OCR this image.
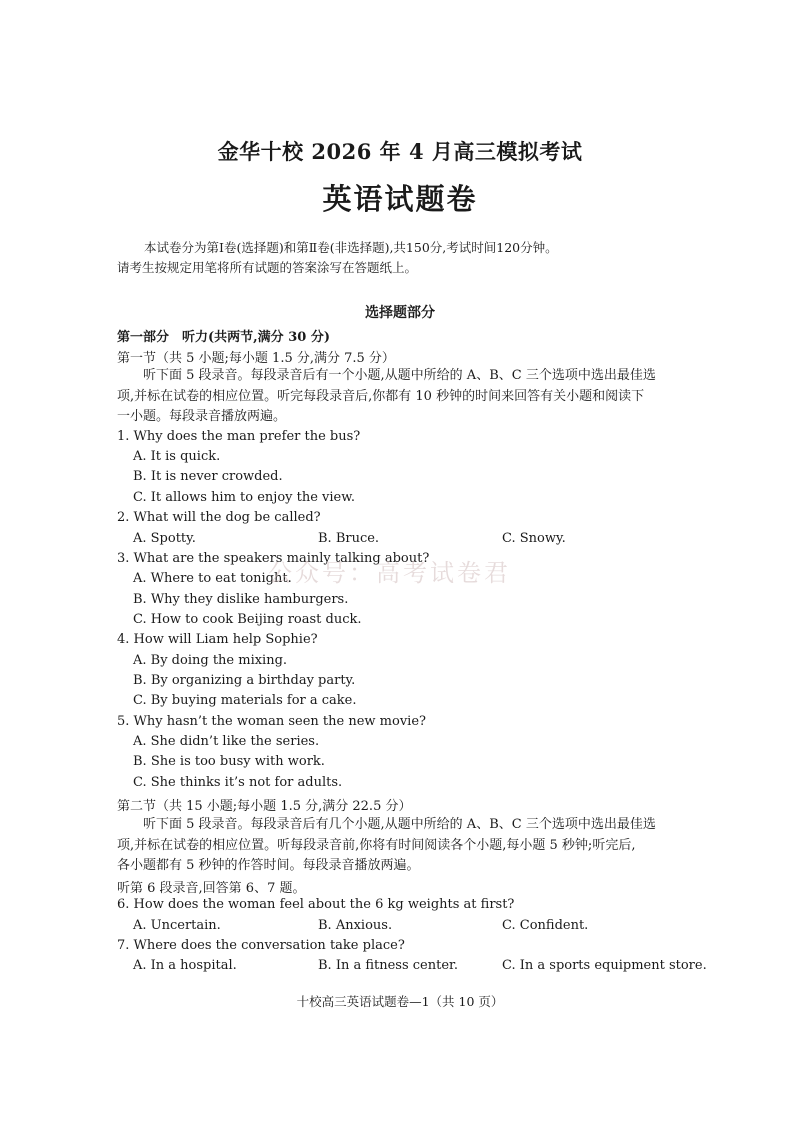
金华十校 2026 年 4 月高三模拟考试
英语试题卷
本试卷分为第Ⅰ卷(选择题)和第Ⅱ卷(非选择题),共150分,考试时间120分钟。
请考生按规定用笔将所有试题的答案涂写在答题纸上。
选择题部分
第一部分　听力(共两节,满分 30 分)
第一节（共 5 小题;每小题 1.5 分,满分 7.5 分）
听下面 5 段录音。每段录音后有一个小题,从题中所给的 A、B、C 三个选项中选出最佳选
项,并标在试卷的相应位置。听完每段录音后,你都有 10 秒钟的时间来回答有关小题和阅读下
一小题。每段录音播放两遍。
1. Why does the man prefer the bus?
A. It is quick.
B. It is never crowded.
C. It allows him to enjoy the view.
2. What will the dog be called?
A. Spotty.	B. Bruce.	C. Snowy.
3. What are the speakers mainly talking about?
A. Where to eat tonight.
B. Why they dislike hamburgers.
C. How to cook Beijing roast duck.
4. How will Liam help Sophie?
A. By doing the mixing.
B. By organizing a birthday party.
C. By buying materials for a cake.
5. Why hasn’t the woman seen the new movie?
A. She didn’t like the series.
B. She is too busy with work.
C. She thinks it’s not for adults.
第二节（共 15 小题;每小题 1.5 分,满分 22.5 分）
听下面 5 段录音。每段录音后有几个小题,从题中所给的 A、B、C 三个选项中选出最佳选
项,并标在试卷的相应位置。听每段录音前,你将有时间阅读各个小题,每小题 5 秒钟;听完后,
各小题都有 5 秒钟的作答时间。每段录音播放两遍。
听第 6 段录音,回答第 6、7 题。
6. How does the woman feel about the 6 kg weights at first?
A. Uncertain.	B. Anxious.	C. Confident.
7. Where does the conversation take place?
A. In a hospital.	B. In a fitness center.	C. In a sports equipment store.
公众号：高考试卷君
十校高三英语试题卷—1（共 10 页）
